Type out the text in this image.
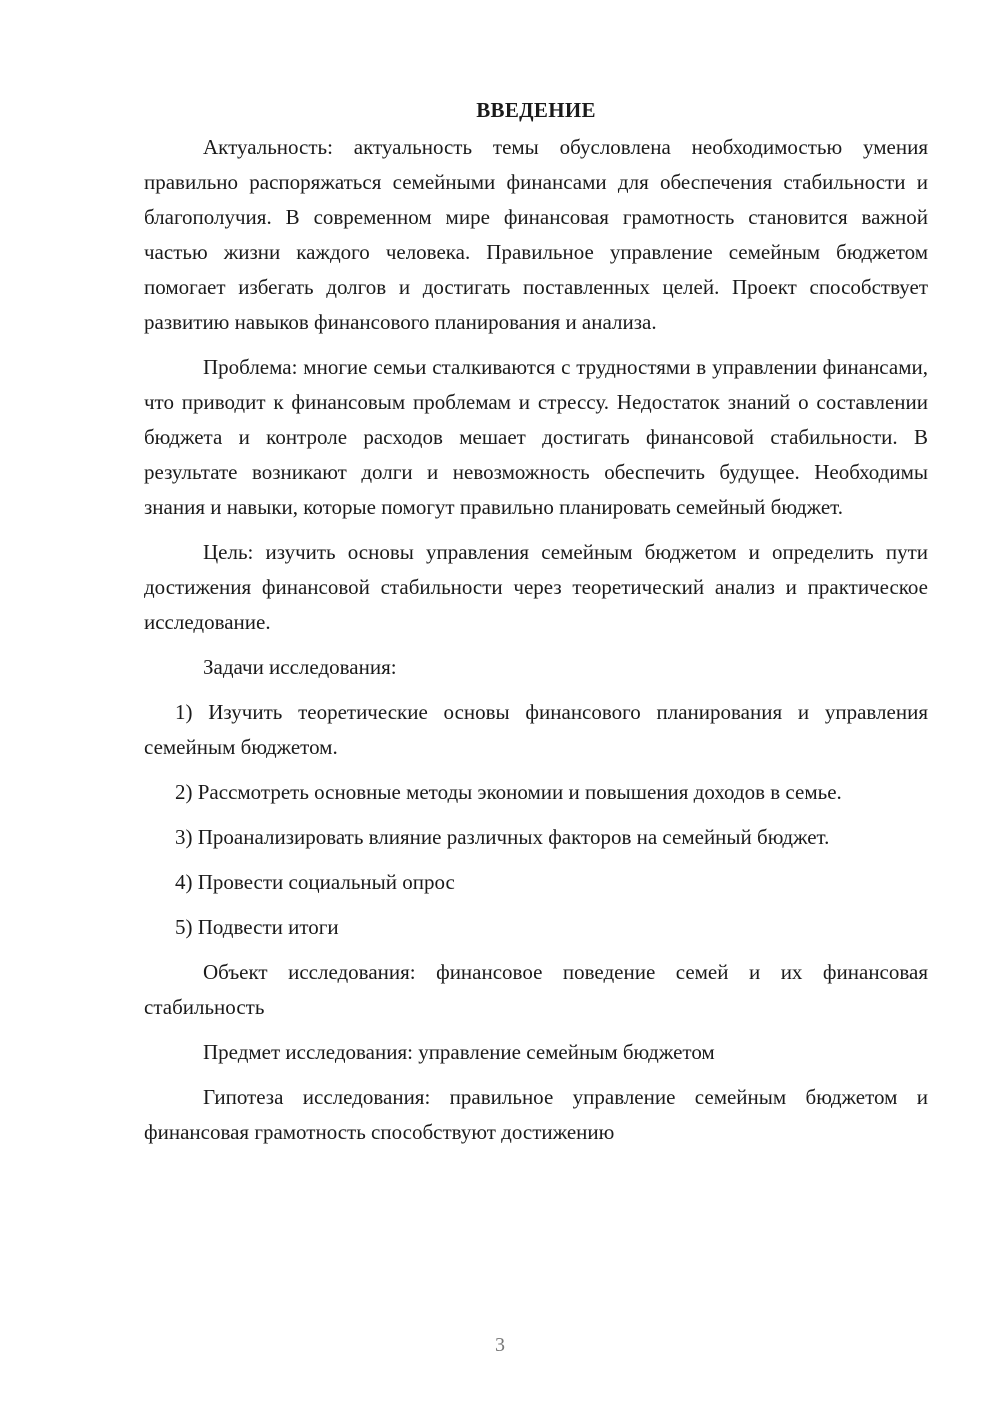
ВВЕДЕНИЕ

Актуальность: актуальность темы обусловлена необходимостью умения правильно распоряжаться семейными финансами для обеспечения стабильности и благополучия. В современном мире финансовая грамотность становится важной частью жизни каждого человека. Правильное управление семейным бюджетом помогает избегать долгов и достигать поставленных целей. Проект способствует развитию навыков финансового планирования и анализа.

Проблема: многие семьи сталкиваются с трудностями в управлении финансами, что приводит к финансовым проблемам и стрессу. Недостаток знаний о составлении бюджета и контроле расходов мешает достигать финансовой стабильности. В результате возникают долги и невозможность обеспечить будущее. Необходимы знания и навыки, которые помогут правильно планировать семейный бюджет.

Цель: изучить основы управления семейным бюджетом и определить пути достижения финансовой стабильности через теоретический анализ и практическое исследование.

Задачи исследования:

1) Изучить теоретические основы финансового планирования и управления семейным бюджетом.

2) Рассмотреть основные методы экономии и повышения доходов в семье.

3) Проанализировать влияние различных факторов на семейный бюджет.

4) Провести социальный опрос

5) Подвести итоги

Объект исследования: финансовое поведение семей и их финансовая стабильность

Предмет исследования: управление семейным бюджетом

Гипотеза исследования: правильное управление семейным бюджетом и финансовая грамотность способствуют достижению

3
